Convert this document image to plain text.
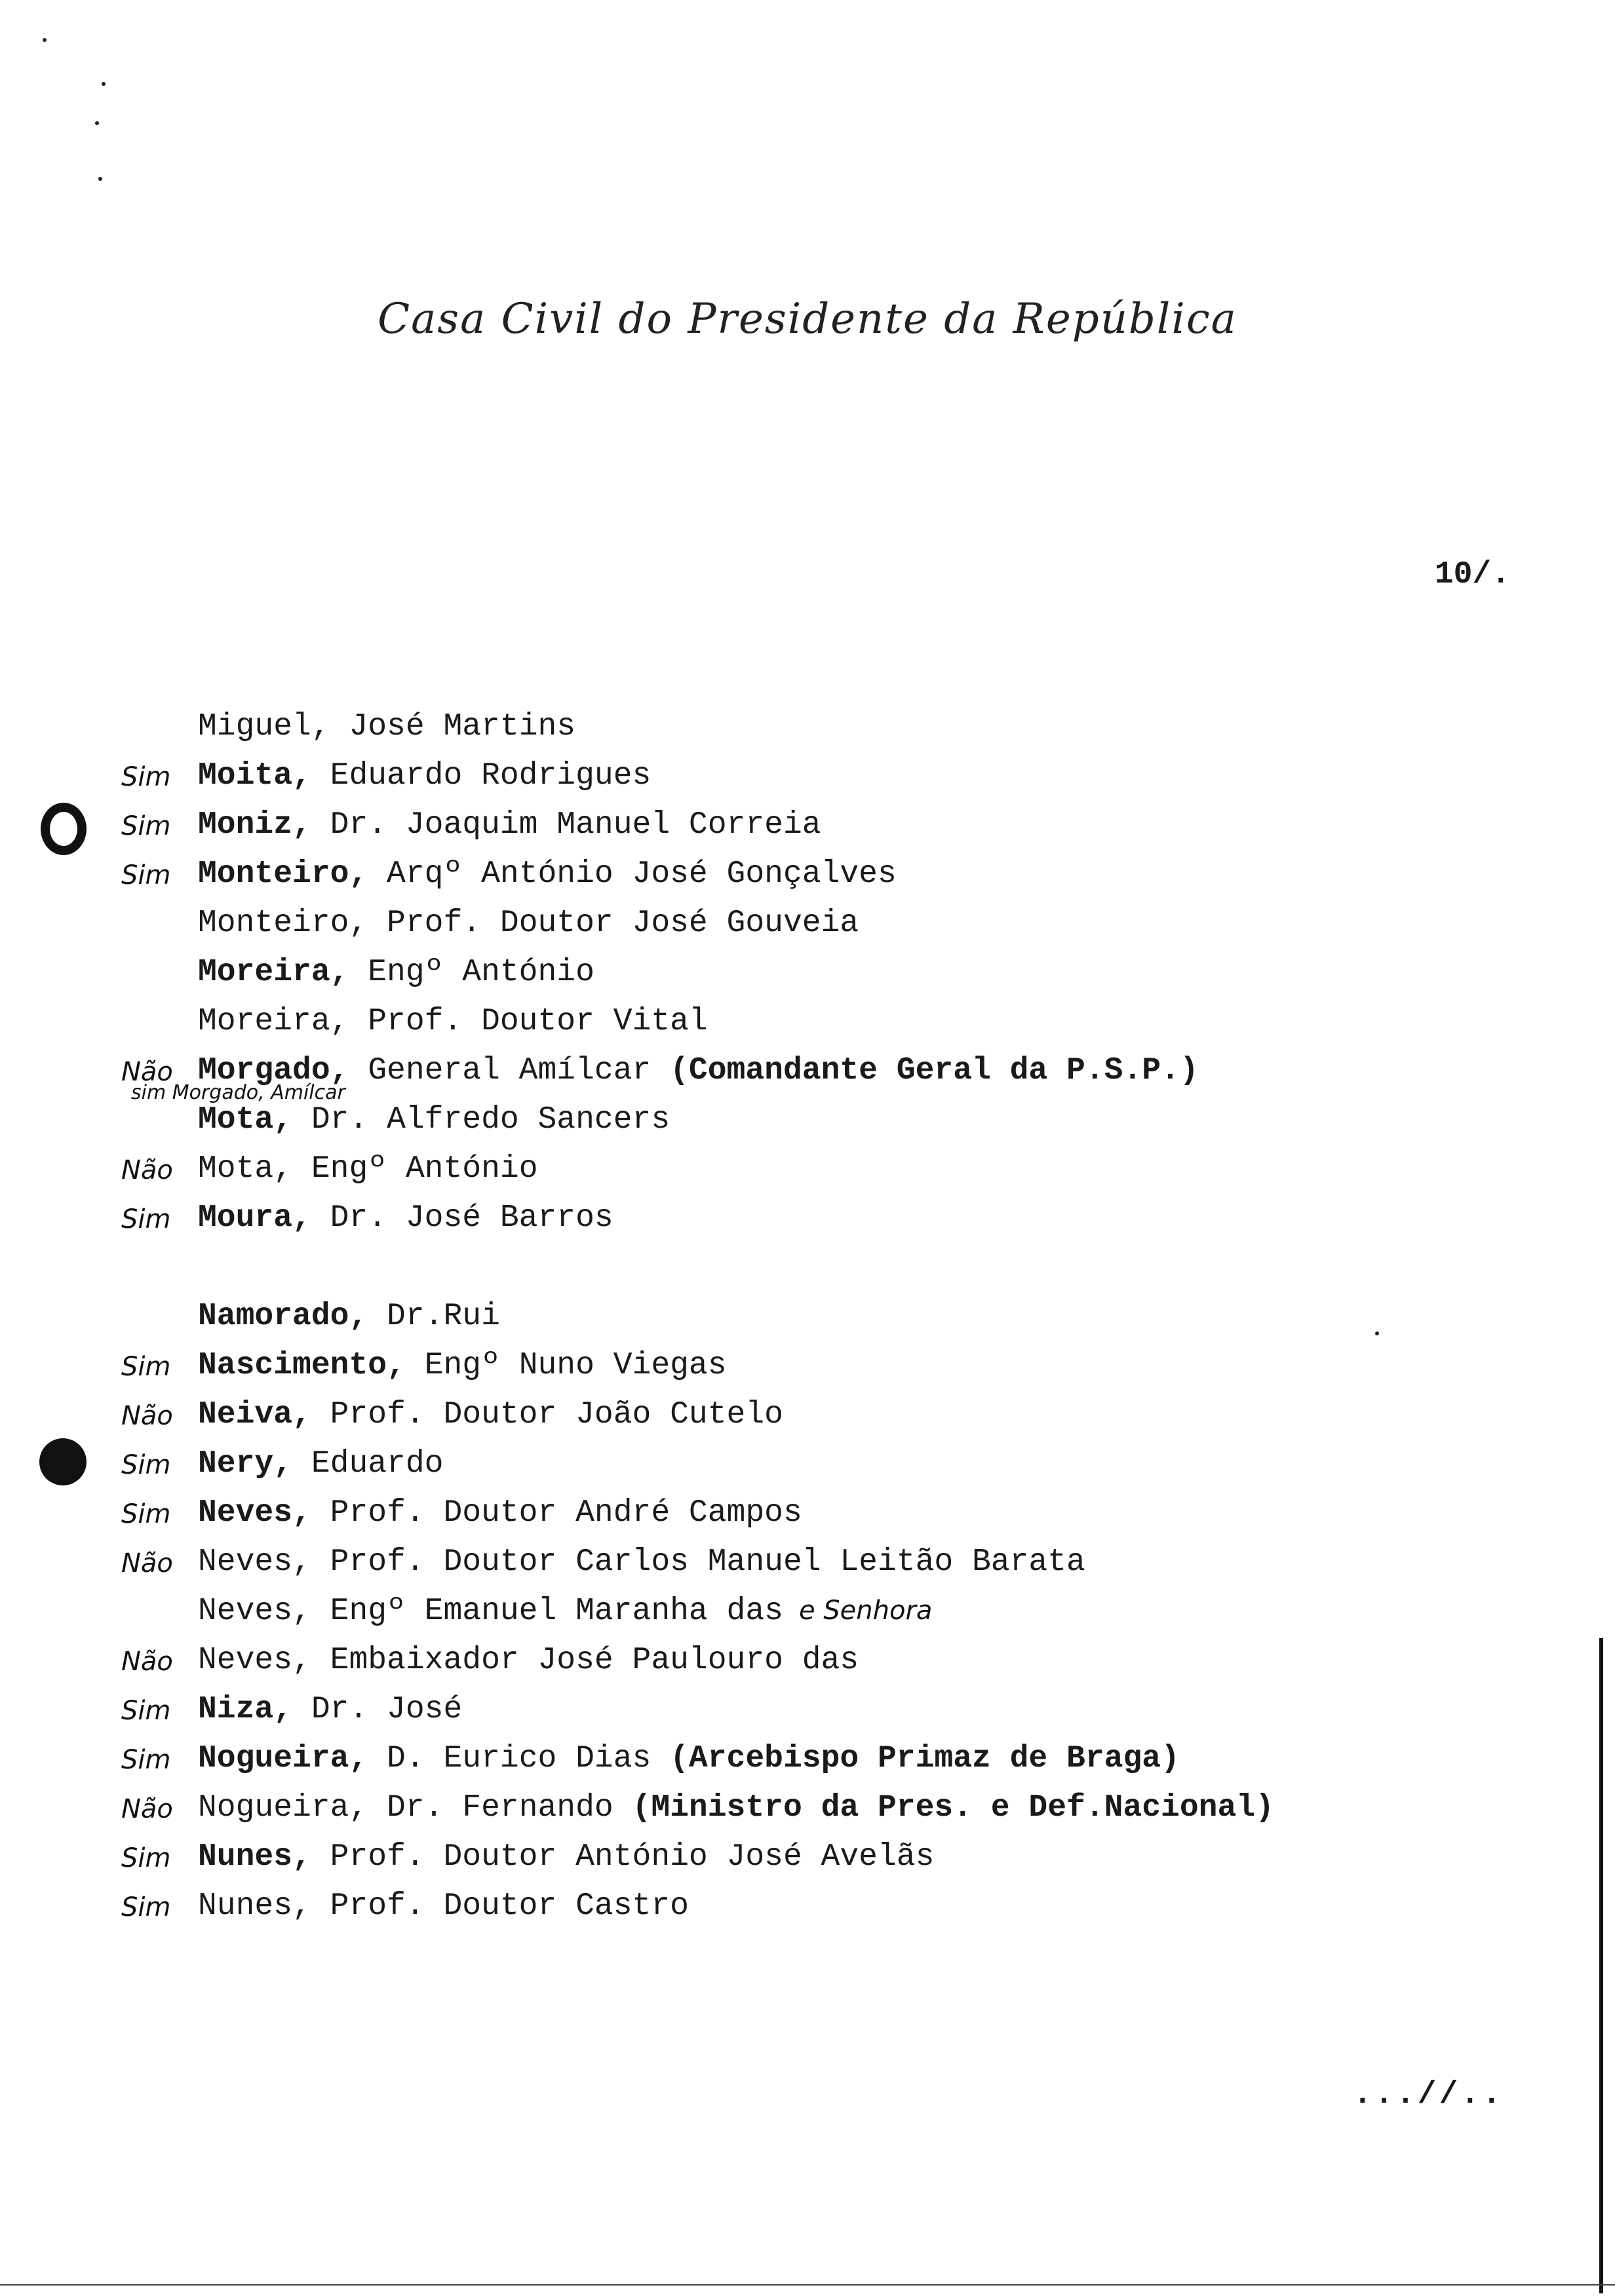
Casa Civil do Presidente da República
10/.
sim Morgado, Amílcar
Miguel, José Martins
Sim Moita, Eduardo Rodrigues
Sim Moniz, Dr. Joaquim Manuel Correia
Sim Monteiro, Arqº António José Gonçalves
Monteiro, Prof. Doutor José Gouveia
Moreira, Engº António
Moreira, Prof. Doutor Vital
Não Morgado, General Amílcar (Comandante Geral da P.S.P.)
Mota, Dr. Alfredo Sancers
Não Mota, Engº António
Sim Moura, Dr. José Barros
Namorado, Dr.Rui
Sim Nascimento, Engº Nuno Viegas
Não Neiva, Prof. Doutor João Cutelo
Sim Nery, Eduardo
Sim Neves, Prof. Doutor André Campos
Não Neves, Prof. Doutor Carlos Manuel Leitão Barata
Neves, Engº Emanuel Maranha das e Senhora
Não Neves, Embaixador José Paulouro das
Sim Niza, Dr. José
Sim Nogueira, D. Eurico Dias (Arcebispo Primaz de Braga)
Não Nogueira, Dr. Fernando (Ministro da Pres. e Def.Nacional)
Sim Nunes, Prof. Doutor António José Avelãs
Sim Nunes, Prof. Doutor Castro
...//..
